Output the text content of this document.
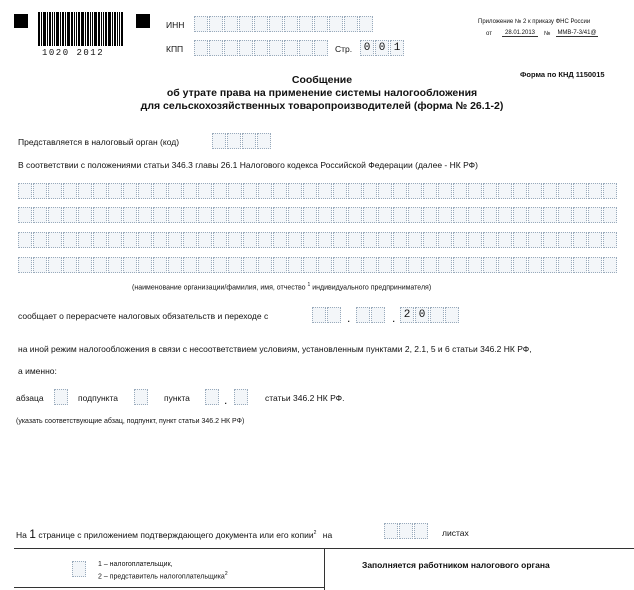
1020 2012
ИНН
КПП	Стр.	0 0 1
Приложение № 2 к приказу ФНС России
от	28.01.2013	№ ММВ-7-3/41@
Форма по КНД 1150015
Сообщение
об утрате права на применение системы налогообложения
для сельскохозяйственных товаропроизводителей (форма № 26.1-2)
Представляется в налоговый орган (код)
В соответствии с положениями статьи 346.3 главы 26.1 Налогового кодекса Российской Федерации (далее - НК РФ)
(наименование организации/фамилия, имя, отчество $^1$ индивидуального предпринимателя)
сообщает о перерасчете налоговых обязательств и переходе с	.	. 2 0
на иной режим налогообложения в связи с несоответствием условиям, установленным пунктами 2, 2.1, 5 и 6 статьи 346.2 НК РФ,
а именно:
абзаца	подпункта	пункта	.	статьи 346.2 НК РФ.
(указать соответствующие абзац, подпункт, пункт статьи 346.2 НК РФ)
На 1 странице с приложением подтверждающего документа или его копии$^2$ на	листах
1 – налогоплательщик,
2 – представитель налогоплательщика$^2$
Заполняется работником налогового органа
